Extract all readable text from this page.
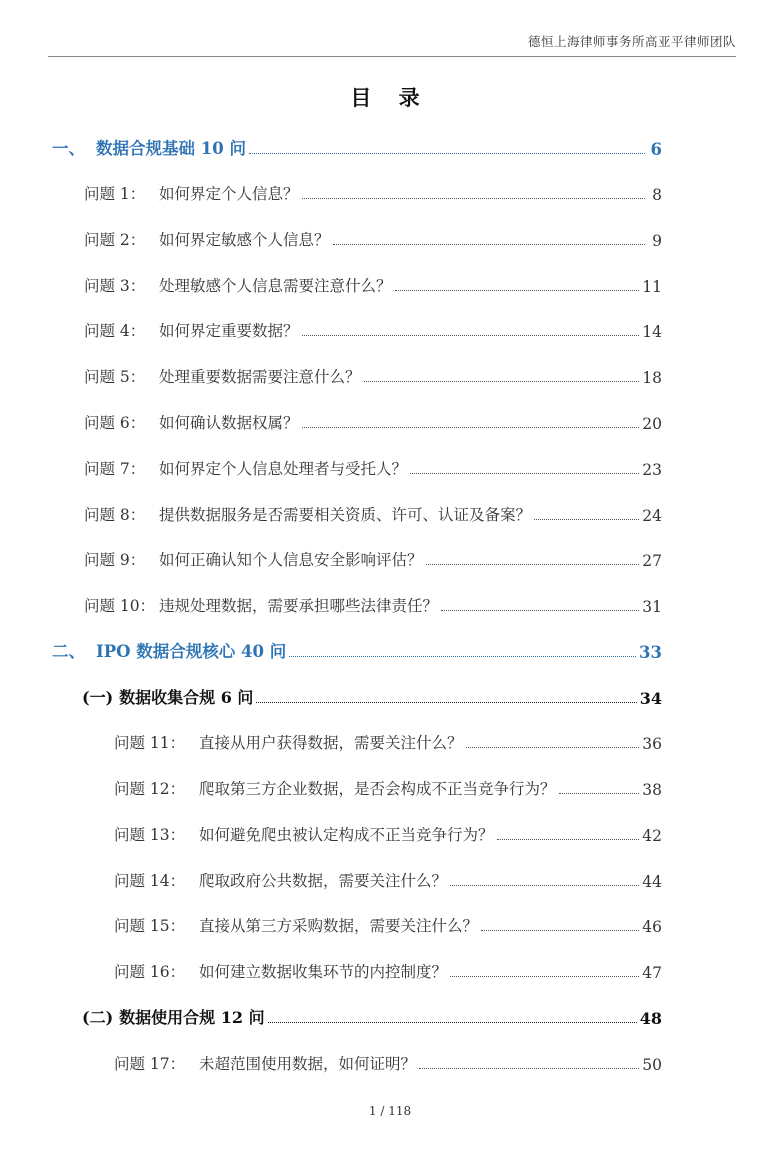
德恒上海律师事务所高亚平律师团队
目 录
一、 数据合规基础 10 问	6
问题 1： 如何界定个人信息？	8
问题 2： 如何界定敏感个人信息？	9
问题 3： 处理敏感个人信息需要注意什么？	11
问题 4： 如何界定重要数据？	14
问题 5： 处理重要数据需要注意什么？	18
问题 6： 如何确认数据权属？	20
问题 7： 如何界定个人信息处理者与受托人？	23
问题 8： 提供数据服务是否需要相关资质、许可、认证及备案？	24
问题 9： 如何正确认知个人信息安全影响评估？	27
问题 10： 违规处理数据，需要承担哪些法律责任？	31
二、 IPO 数据合规核心 40 问	33
(一) 数据收集合规 6 问	34
问题 11： 直接从用户获得数据，需要关注什么？	36
问题 12： 爬取第三方企业数据，是否会构成不正当竞争行为？	38
问题 13： 如何避免爬虫被认定构成不正当竞争行为？	42
问题 14： 爬取政府公共数据，需要关注什么？	44
问题 15： 直接从第三方采购数据，需要关注什么？	46
问题 16： 如何建立数据收集环节的内控制度？	47
(二) 数据使用合规 12 问	48
问题 17： 未超范围使用数据，如何证明？	50
1 / 118
